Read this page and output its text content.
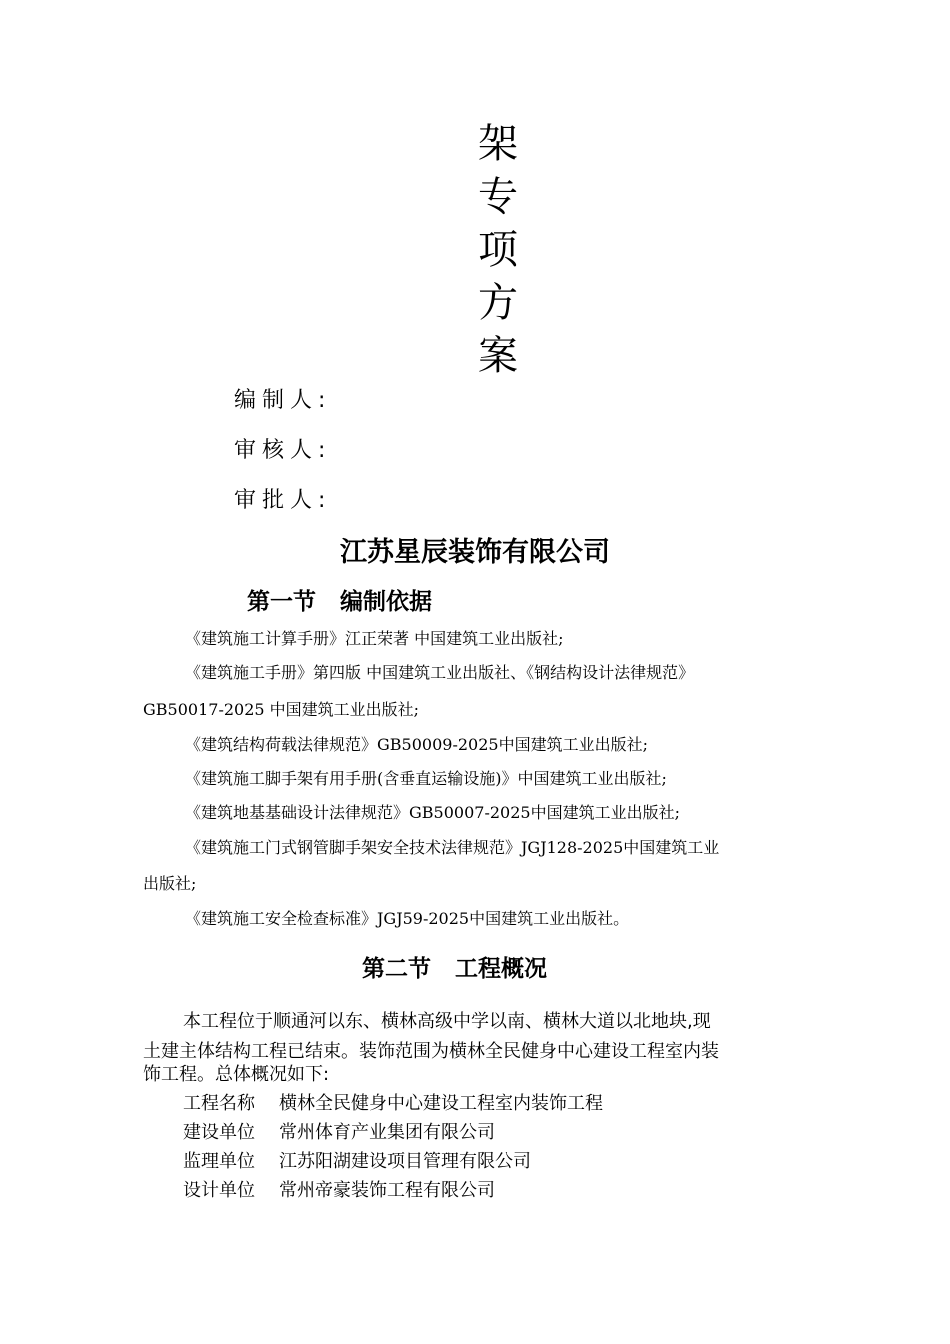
架
专
项
方
案
编制人:
审核人:
审批人:
江苏星辰装饰有限公司
第一节 编制依据
《建筑施工计算手册》江正荣著 中国建筑工业出版社;
《建筑施工手册》第四版 中国建筑工业出版社、《钢结构设计法律规范》
GB50017-2025 中国建筑工业出版社;
《建筑结构荷载法律规范》GB50009-2025中国建筑工业出版社;
《建筑施工脚手架有用手册(含垂直运输设施)》中国建筑工业出版社;
《建筑地基基础设计法律规范》GB50007-2025中国建筑工业出版社;
《建筑施工门式钢管脚手架安全技术法律规范》JGJ128-2025中国建筑工业
出版社;
《建筑施工安全检查标准》JGJ59-2025中国建筑工业出版社。
第二节 工程概况
本工程位于顺通河以东、横林高级中学以南、横林大道以北地块,现
土建主体结构工程已结束。装饰范围为横林全民健身中心建设工程室内装
饰工程。总体概况如下:
工程名称 横林全民健身中心建设工程室内装饰工程
建设单位 常州体育产业集团有限公司
监理单位 江苏阳湖建设项目管理有限公司
设计单位 常州帝豪装饰工程有限公司
